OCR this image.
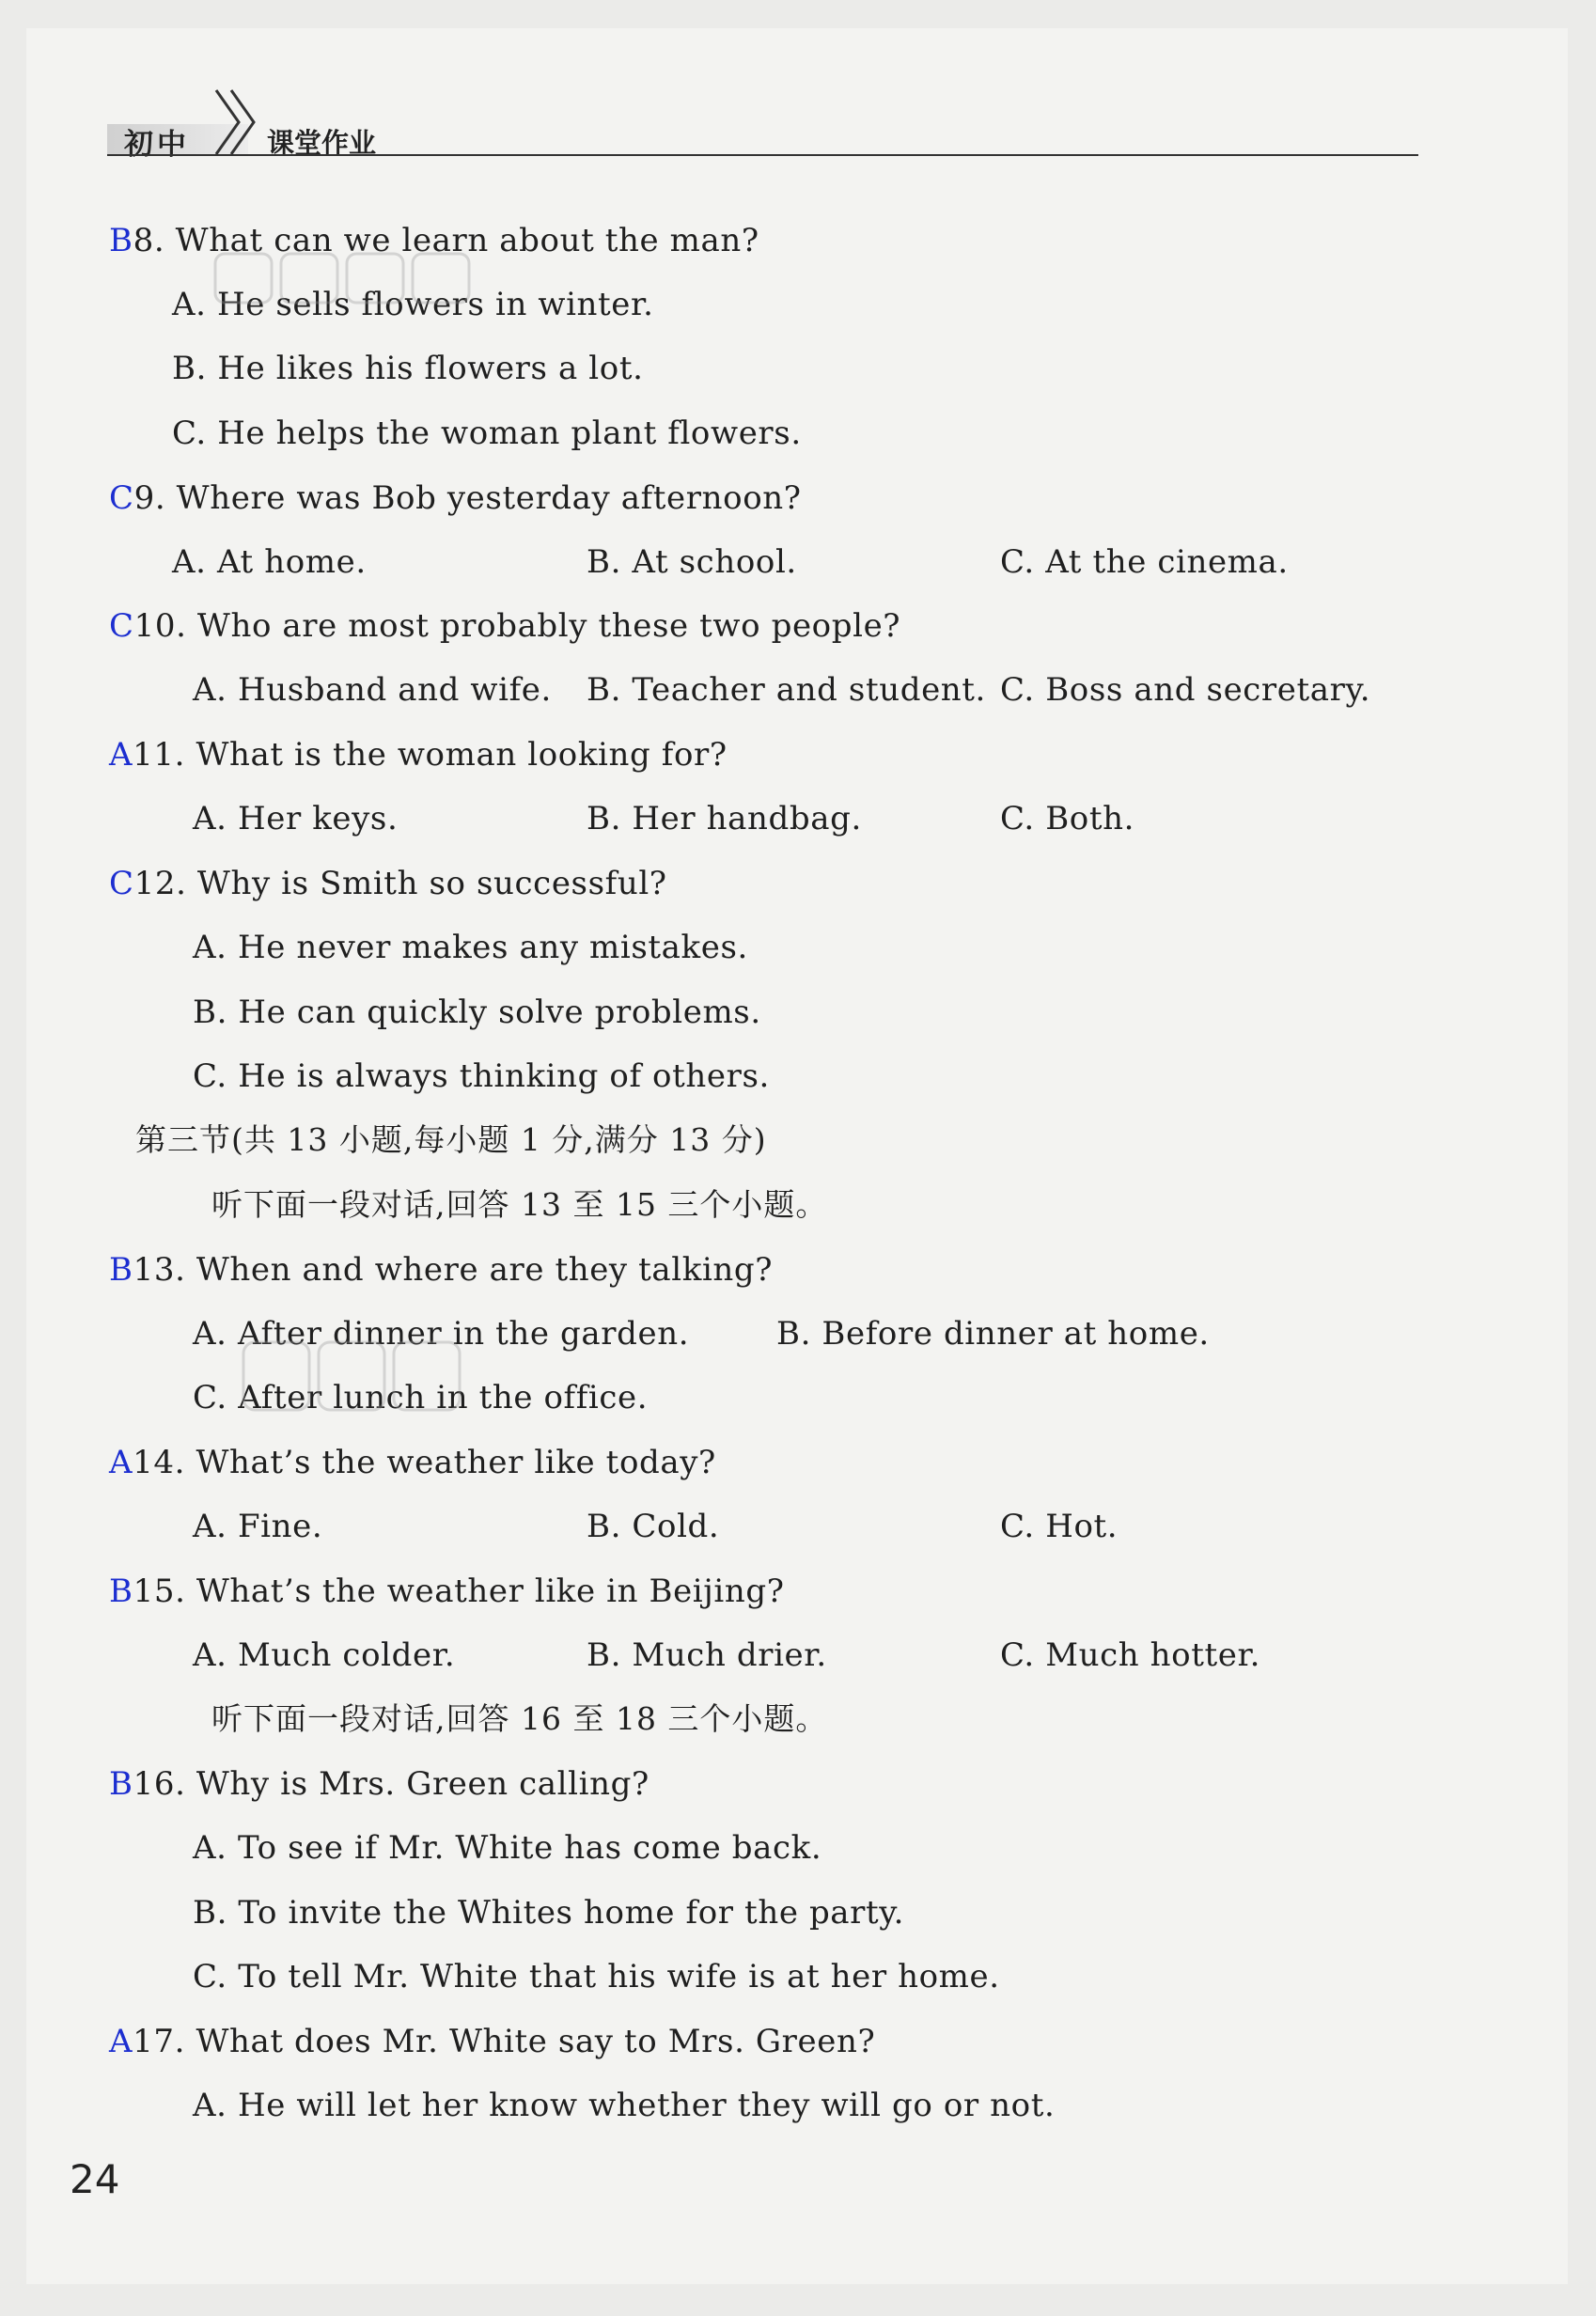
初中	课堂作业
B8. What can we learn about the man?
A. He sells flowers in winter.
B. He likes his flowers a lot.
C. He helps the woman plant flowers.
C9. Where was Bob yesterday afternoon?
A. At home.	B. At school.	C. At the cinema.
C10. Who are most probably these two people?
A. Husband and wife. B. Teacher and student. C. Boss and secretary.
A11. What is the woman looking for?
A. Her keys.	B. Her handbag.	C. Both.
C12. Why is Smith so successful?
A. He never makes any mistakes.
B. He can quickly solve problems.
C. He is always thinking of others.
第三节(共 13 小题,每小题 1 分,满分 13 分)
听下面一段对话,回答 13 至 15 三个小题。
B13. When and where are they talking?
A. After dinner in the garden.	B. Before dinner at home.
C. After lunch in the office.
A14. What’s the weather like today?
A. Fine.	B. Cold.	C. Hot.
B15. What’s the weather like in Beijing?
A. Much colder.	B. Much drier.	C. Much hotter.
听下面一段对话,回答 16 至 18 三个小题。
B16. Why is Mrs. Green calling?
A. To see if Mr. White has come back.
B. To invite the Whites home for the party.
C. To tell Mr. White that his wife is at her home.
A17. What does Mr. White say to Mrs. Green?
A. He will let her know whether they will go or not.
24
